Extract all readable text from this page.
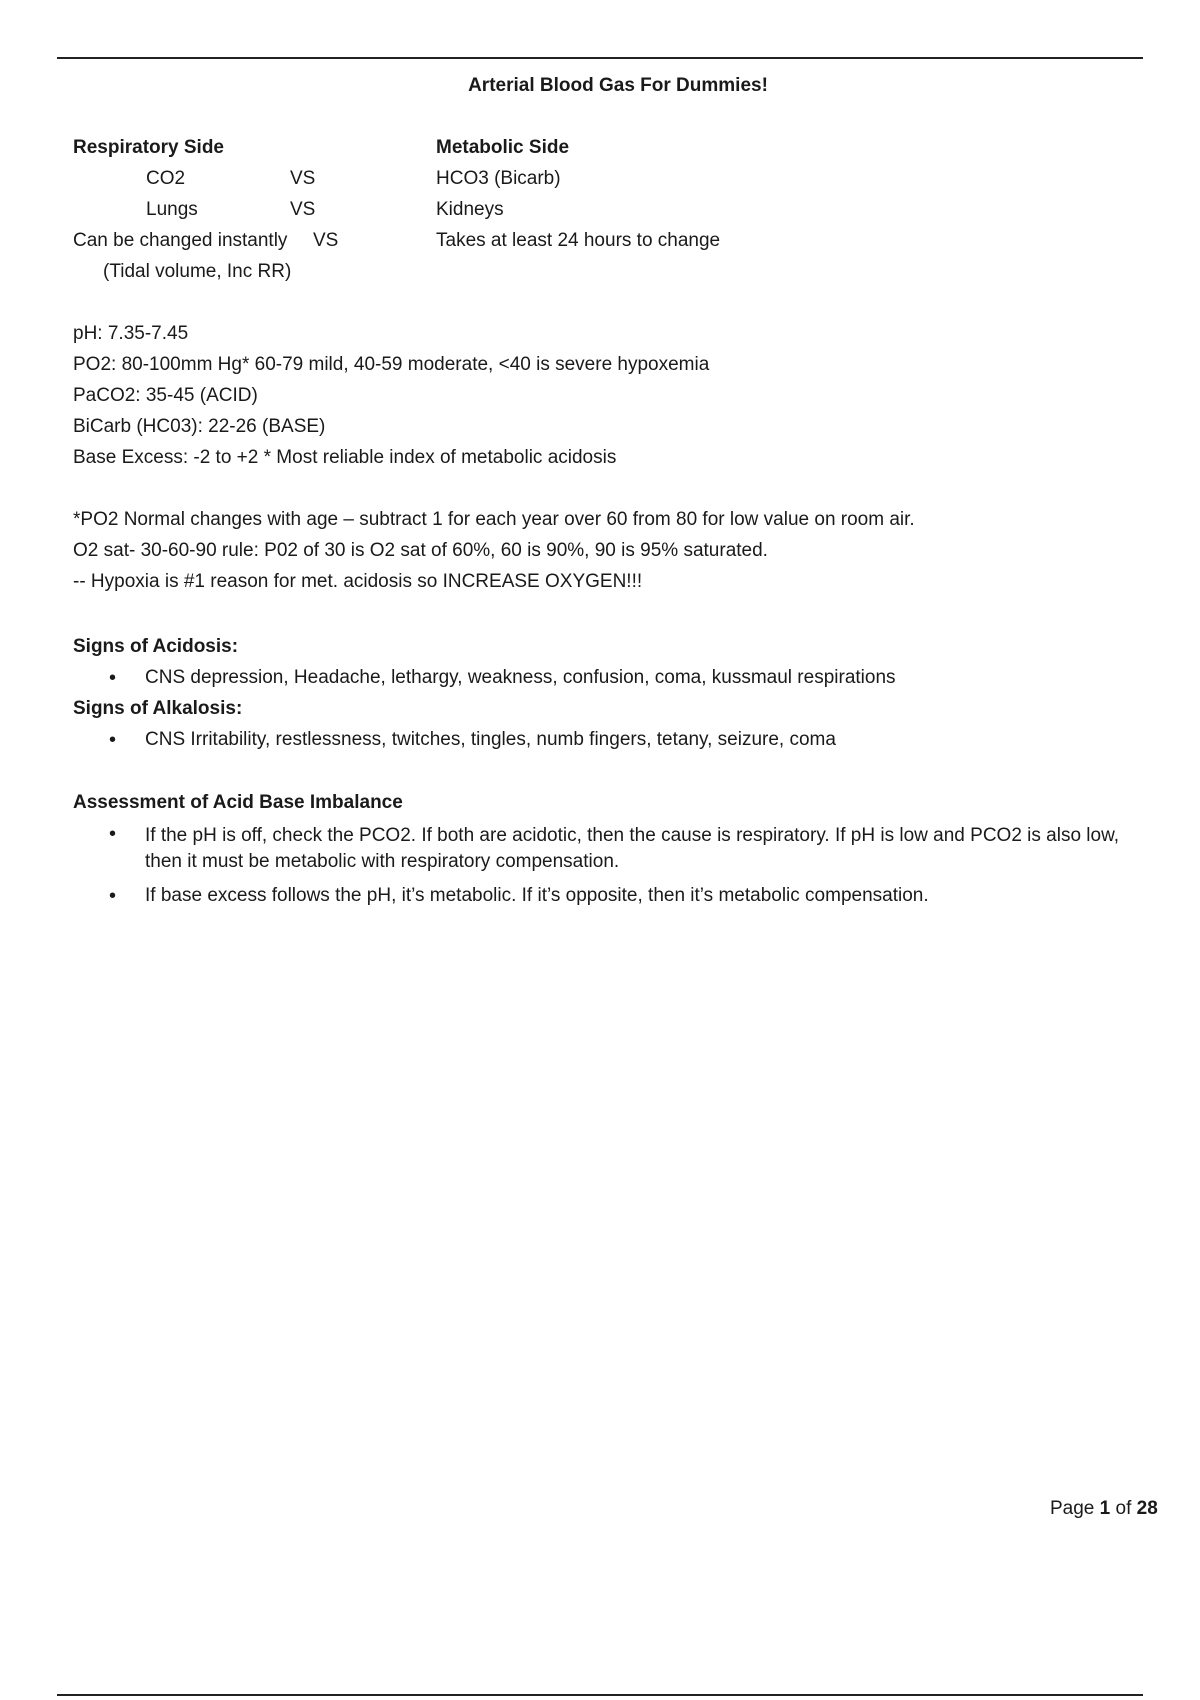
Arterial Blood Gas For Dummies!
Respiratory Side	Metabolic Side
CO2	VS	HCO3 (Bicarb)
Lungs	VS	Kidneys
Can be changed instantly VS	Takes at least 24 hours to change
(Tidal volume, Inc RR)
pH: 7.35-7.45
PO2: 80-100mm Hg* 60-79 mild, 40-59 moderate, <40 is severe hypoxemia
PaCO2: 35-45 (ACID)
BiCarb (HC03): 22-26 (BASE)
Base Excess: -2 to +2 * Most reliable index of metabolic acidosis
*PO2 Normal changes with age – subtract 1 for each year over 60 from 80 for low value on room air.
O2 sat- 30-60-90 rule: P02 of 30 is O2 sat of 60%, 60 is 90%, 90 is 95% saturated.
-- Hypoxia is #1 reason for met. acidosis so INCREASE OXYGEN!!!
Signs of Acidosis:
• CNS depression, Headache, lethargy, weakness, confusion, coma, kussmaul respirations
Signs of Alkalosis:
• CNS Irritability, restlessness, twitches, tingles, numb fingers, tetany, seizure, coma
Assessment of Acid Base Imbalance
• If the pH is off, check the PCO2. If both are acidotic, then the cause is respiratory. If pH is low and PCO2 is also low, then it must be metabolic with respiratory compensation.
• If base excess follows the pH, it’s metabolic. If it’s opposite, then it’s metabolic compensation.
Page 1 of 28
